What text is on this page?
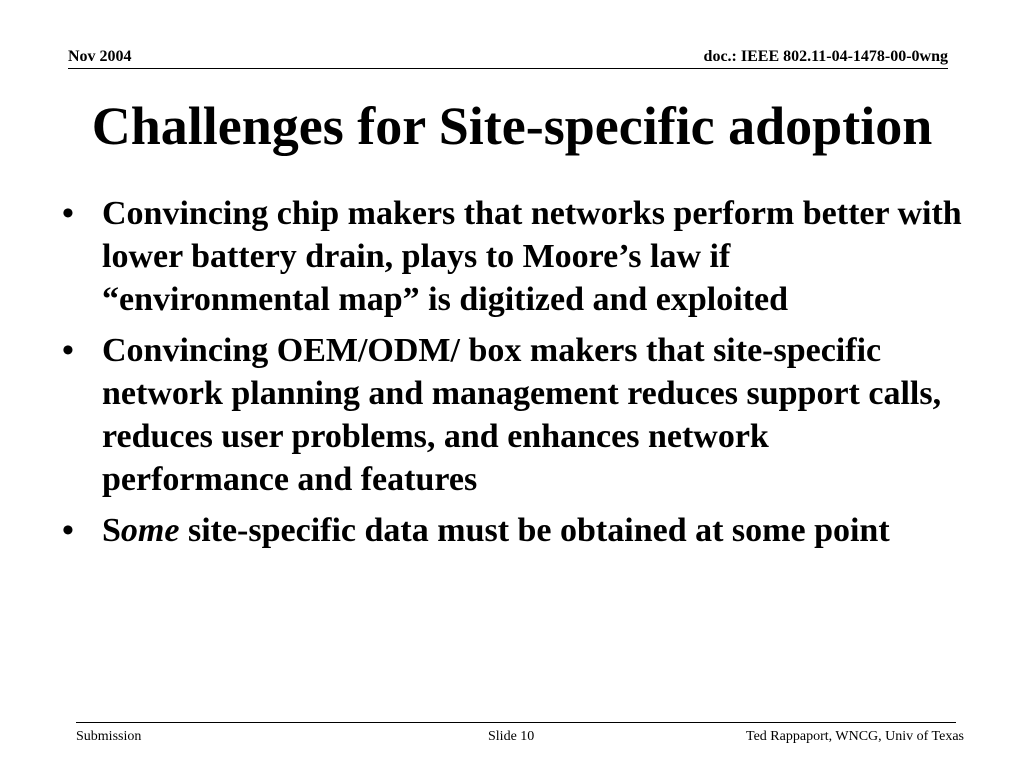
Nov 2004	doc.: IEEE 802.11-04-1478-00-0wng
Challenges for Site-specific adoption
• Convincing chip makers that networks perform better with lower battery drain, plays to Moore’s law if “environmental map” is digitized and exploited
• Convincing OEM/ODM/ box makers that site-specific network planning and management reduces support calls, reduces user problems, and enhances network performance and features
• Some site-specific data must be obtained at some point
Submission	Slide 10	Ted Rappaport, WNCG, Univ of Texas
